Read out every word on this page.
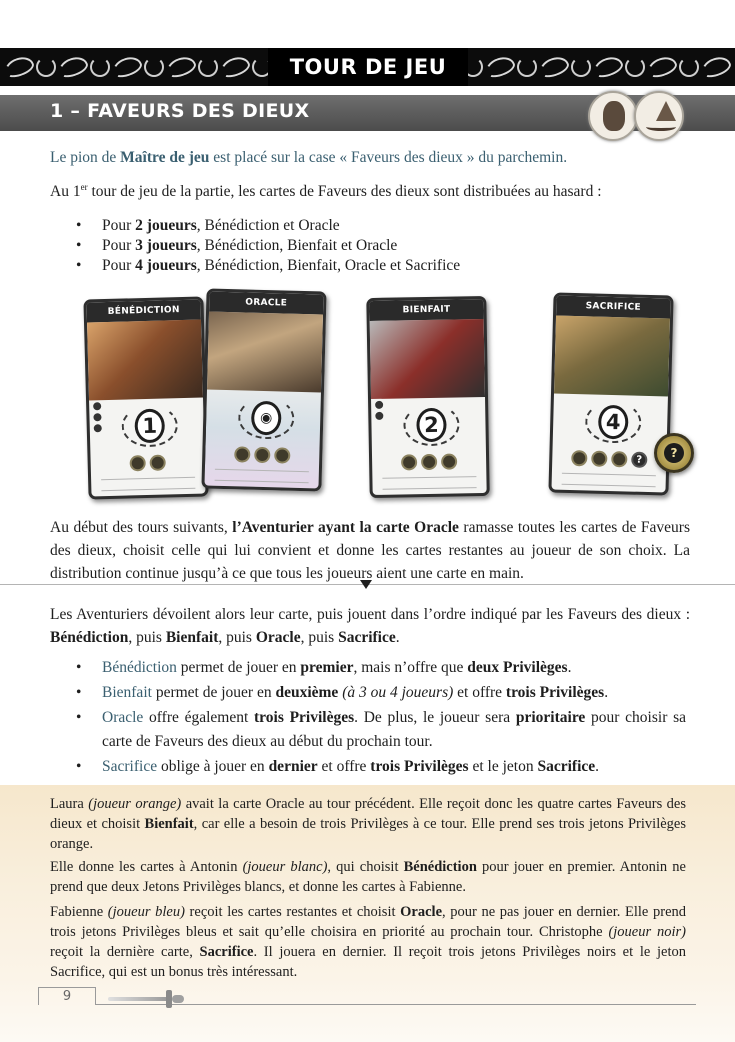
TOUR DE JEU
1 – FAVEURS DES DIEUX

Le pion de Maître de jeu est placé sur la case « Faveurs des dieux » du parchemin.

Au 1er tour de jeu de la partie, les cartes de Faveurs des dieux sont distribuées au hasard :

• Pour 2 joueurs, Bénédiction et Oracle
• Pour 3 joueurs, Bénédiction, Bienfait et Oracle
• Pour 4 joueurs, Bénédiction, Bienfait, Oracle et Sacrifice
BÉNÉDICTION
1
ORACLE
◉
BIENFAIT
2
SACRIFICE
4
?	?

Au début des tours suivants, l’Aventurier ayant la carte Oracle ramasse toutes les cartes de Faveurs des dieux, choisit celle qui lui convient et donne les cartes restantes au joueur de son choix. La distribution continue jusqu’à ce que tous les joueurs aient une carte en main.

Les Aventuriers dévoilent alors leur carte, puis jouent dans l’ordre indiqué par les Faveurs des dieux : Bénédiction, puis Bienfait, puis Oracle, puis Sacrifice.

• Bénédiction permet de jouer en premier, mais n’offre que deux Privilèges.
• Bienfait permet de jouer en deuxième (à 3 ou 4 joueurs) et offre trois Privilèges.
• Oracle offre également trois Privilèges. De plus, le joueur sera prioritaire pour choisir sa carte de Faveurs des dieux au début du prochain tour.
• Sacrifice oblige à jouer en dernier et offre trois Privilèges et le jeton Sacrifice.

Laura (joueur orange) avait la carte Oracle au tour précédent. Elle reçoit donc les quatre cartes Faveurs des dieux et choisit Bienfait, car elle a besoin de trois Privilèges à ce tour. Elle prend ses trois jetons Privilèges orange.

Elle donne les cartes à Antonin (joueur blanc), qui choisit Bénédiction pour jouer en premier. Antonin ne prend que deux Jetons Privilèges blancs, et donne les cartes à Fabienne.

Fabienne (joueur bleu) reçoit les cartes restantes et choisit Oracle, pour ne pas jouer en dernier. Elle prend trois jetons Privilèges bleus et sait qu’elle choisira en priorité au prochain tour. Christophe (joueur noir) reçoit la dernière carte, Sacrifice. Il jouera en dernier. Il reçoit trois jetons Privilèges noirs et le jeton Sacrifice, qui est un bonus très intéressant.

9
